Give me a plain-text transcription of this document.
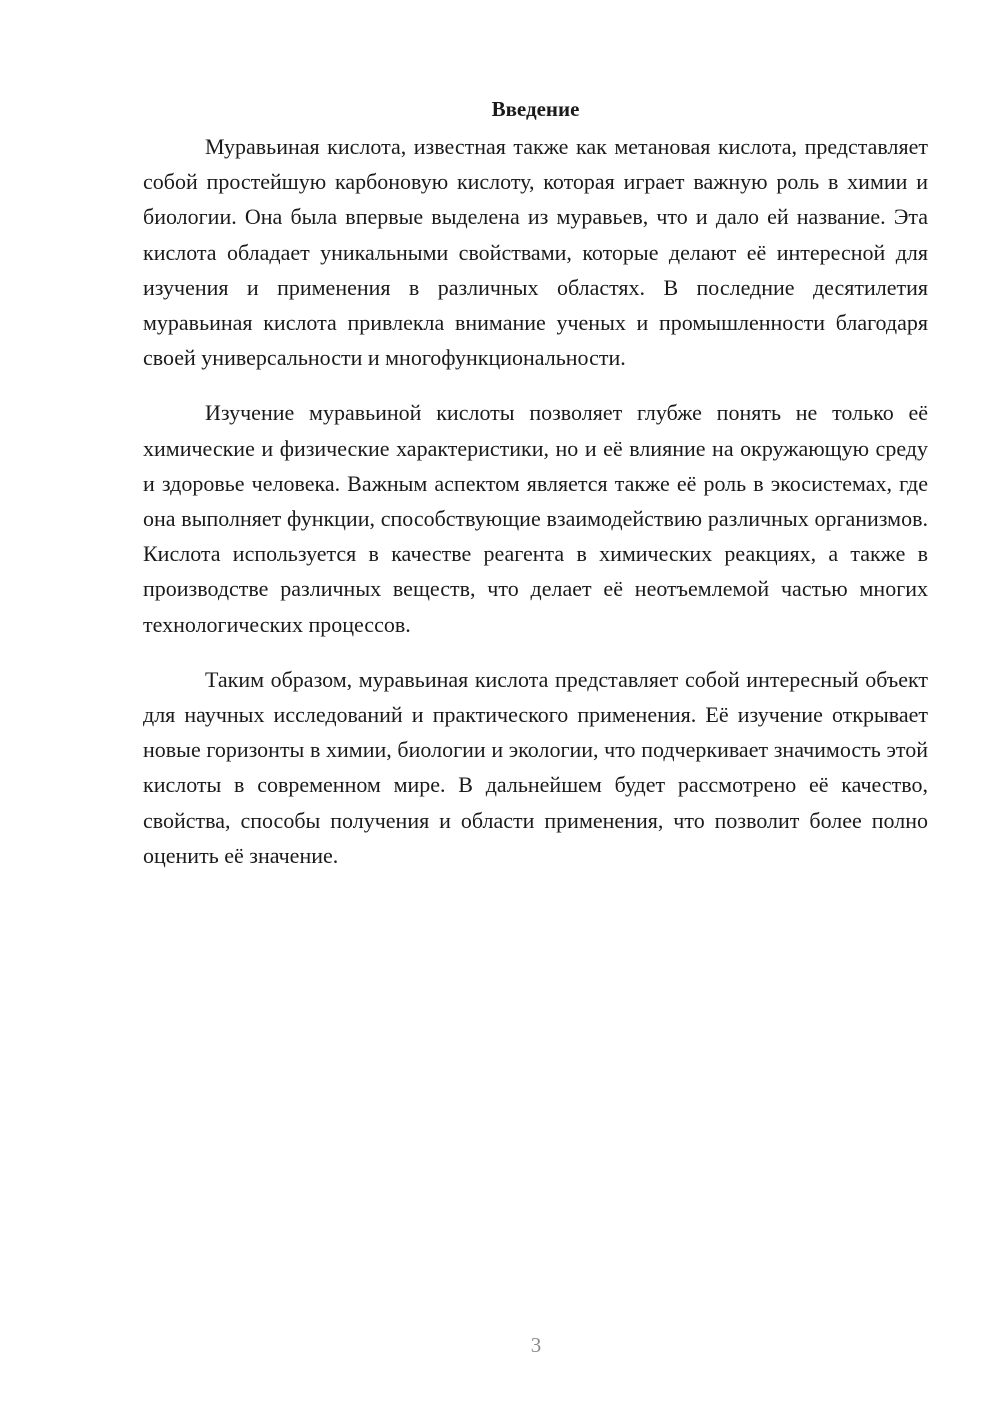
Введение

Муравьиная кислота, известная также как метановая кислота, представляет собой простейшую карбоновую кислоту, которая играет важную роль в химии и биологии. Она была впервые выделена из муравьев, что и дало ей название. Эта кислота обладает уникальными свойствами, которые делают её интересной для изучения и применения в различных областях. В последние десятилетия муравьиная кислота привлекла внимание ученых и промышленности благодаря своей универсальности и многофункциональности.

Изучение муравьиной кислоты позволяет глубже понять не только её химические и физические характеристики, но и её влияние на окружающую среду и здоровье человека. Важным аспектом является также её роль в экосистемах, где она выполняет функции, способствующие взаимодействию различных организмов. Кислота используется в качестве реагента в химических реакциях, а также в производстве различных веществ, что делает её неотъемлемой частью многих технологических процессов.

Таким образом, муравьиная кислота представляет собой интересный объект для научных исследований и практического применения. Её изучение открывает новые горизонты в химии, биологии и экологии, что подчеркивает значимость этой кислоты в современном мире. В дальнейшем будет рассмотрено её качество, свойства, способы получения и области применения, что позволит более полно оценить её значение.

3
